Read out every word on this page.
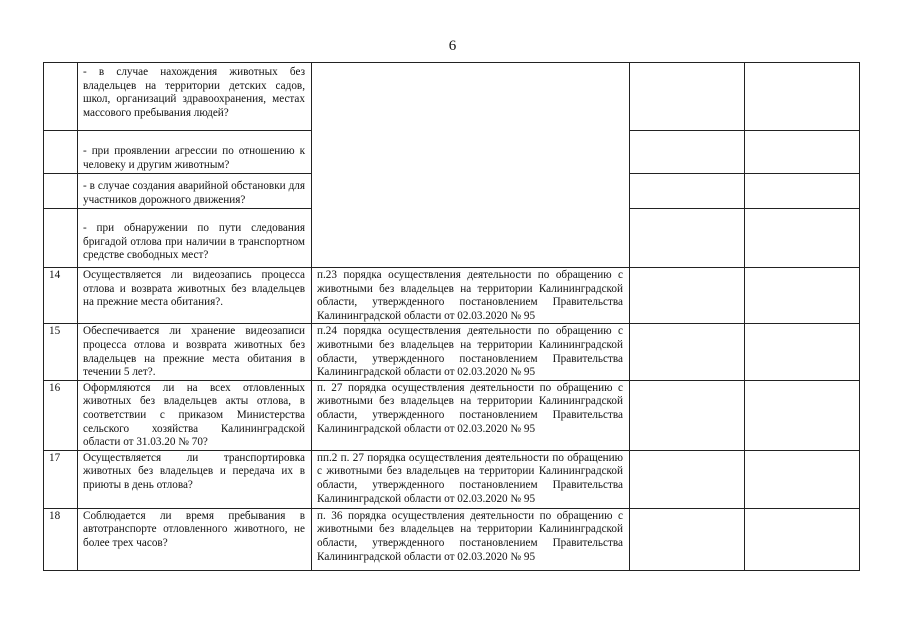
6

	- в случае нахождения животных без владельцев на территории детских садов, школ, организаций здравоохранения, местах массового пребывания людей?			

	- при проявлении агрессии по отношению к человеку и другим животным?			

	- в случае создания аварийной обстановки для участников дорожного движения?			

	- при обнаружении по пути следования бригадой отлова при наличии в транспортном средстве свободных мест?			

14	Осуществляется ли видеозапись процесса отлова и возврата животных без владельцев на прежние места обитания?.	п.23 порядка осуществления деятельности по обращению с животными без владельцев на территории Калининградской области, утвержденного постановлением Правительства Калининградской области от 02.03.2020 № 95		
15	Обеспечивается ли хранение видеозаписи процесса отлова и возврата животных без владельцев на прежние места обитания в течении 5 лет?.	п.24 порядка осуществления деятельности по обращению с животными без владельцев на территории Калининградской области, утвержденного постановлением Правительства Калининградской области от 02.03.2020 № 95		
16	Оформляются ли на всех отловленных животных без владельцев акты отлова, в соответствии с приказом Министерства сельского хозяйства Калининградской области от 31.03.20 № 70?	п. 27 порядка осуществления деятельности по обращению с животными без владельцев на территории Калининградской области, утвержденного постановлением Правительства Калининградской области от 02.03.2020 № 95		
17	Осуществляется ли транспортировка животных без владельцев и передача их в приюты в день отлова?	пп.2 п. 27 порядка осуществления деятельности по обращению с животными без владельцев на территории Калининградской области, утвержденного постановлением Правительства Калининградской области от 02.03.2020 № 95		
18	Соблюдается ли время пребывания в автотранспорте отловленного животного, не более трех часов?	п. 36 порядка осуществления деятельности по обращению с животными без владельцев на территории Калининградской области, утвержденного постановлением Правительства Калининградской области от 02.03.2020 № 95		
